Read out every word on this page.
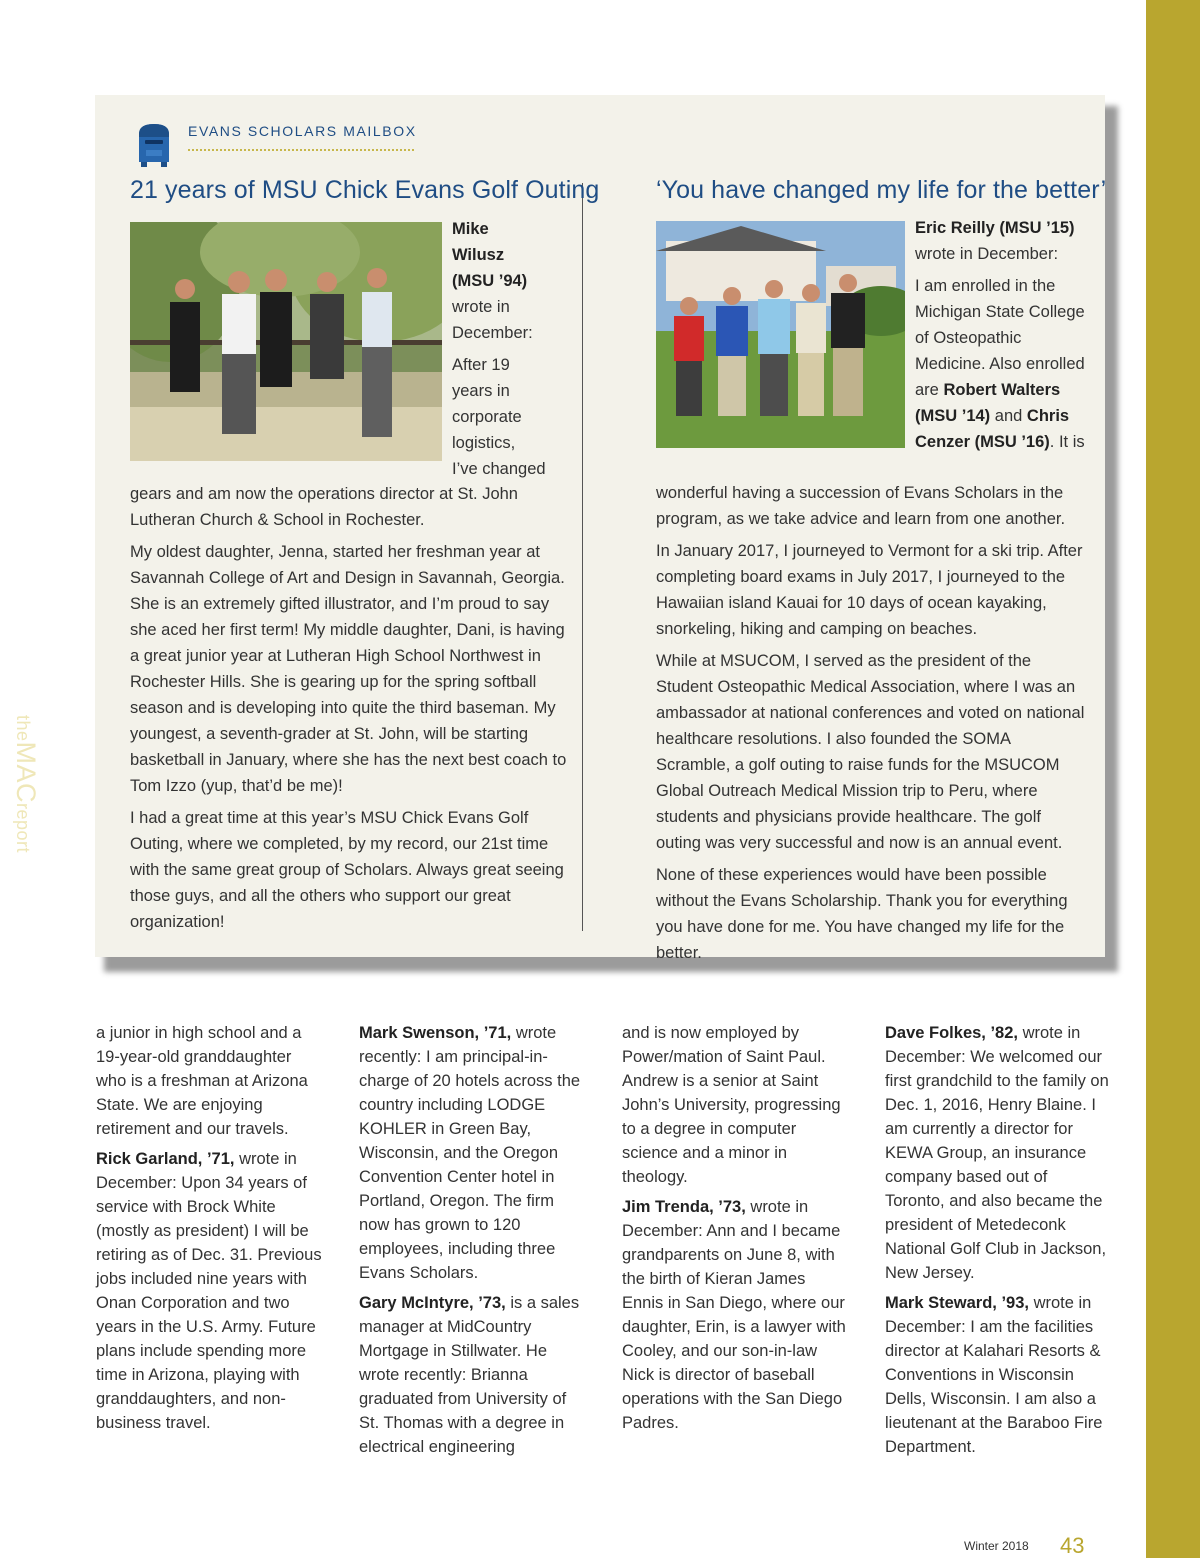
theMACreport
EVANS SCHOLARS MAILBOX
21 years of MSU Chick Evans Golf Outing
Mike
Wilusz
(MSU ’94)
wrote in
December:
After 19
years in
corporate
logistics,
I’ve changed

gears and am now the operations director at St. John Lutheran Church & School in Rochester.

My oldest daughter, Jenna, started her freshman year at Savannah College of Art and Design in Savannah, Georgia. She is an extremely gifted illustrator, and I’m proud to say she aced her first term! My middle daughter, Dani, is having a great junior year at Lutheran High School Northwest in Rochester Hills. She is gearing up for the spring softball season and is developing into quite the third baseman. My youngest, a seventh-grader at St. John, will be starting basketball in January, where she has the next best coach to Tom Izzo (yup, that’d be me)!

I had a great time at this year’s MSU Chick Evans Golf Outing, where we completed, by my record, our 21st time with the same great group of Scholars. Always great seeing those guys, and all the others who support our great organization!

‘You have changed my life for the better’
Eric Reilly (MSU ’15)
wrote in December:
I am enrolled in the Michigan State College of Osteopathic Medicine. Also enrolled are Robert Walters (MSU ’14) and Chris Cenzer (MSU ’16). It is

wonderful having a succession of Evans Scholars in the program, as we take advice and learn from one another.

In January 2017, I journeyed to Vermont for a ski trip. After completing board exams in July 2017, I journeyed to the Hawaiian island Kauai for 10 days of ocean kayaking, snorkeling, hiking and camping on beaches.

While at MSUCOM, I served as the president of the Student Osteopathic Medical Association, where I was an ambassador at national conferences and voted on national healthcare resolutions. I also founded the SOMA Scramble, a golf outing to raise funds for the MSUCOM Global Outreach Medical Mission trip to Peru, where students and physicians provide healthcare. The golf outing was very successful and now is an annual event.

None of these experiences would have been possible without the Evans Scholarship. Thank you for everything you have done for me. You have changed my life for the better.

a junior in high school and a 19-year-old granddaughter who is a freshman at Arizona State. We are enjoying retirement and our travels.

Rick Garland, ’71, wrote in December: Upon 34 years of service with Brock White (mostly as president) I will be retiring as of Dec. 31. Previous jobs included nine years with Onan Corporation and two years in the U.S. Army. Future plans include spending more time in Arizona, playing with granddaughters, and non-business travel.

Mark Swenson, ’71, wrote recently: I am principal-in-charge of 20 hotels across the country including LODGE KOHLER in Green Bay, Wisconsin, and the Oregon Convention Center hotel in Portland, Oregon. The firm now has grown to 120 employees, including three Evans Scholars.

Gary McIntyre, ’73, is a sales manager at MidCountry Mortgage in Stillwater. He wrote recently: Brianna graduated from University of St. Thomas with a degree in electrical engineering

and is now employed by Power/mation of Saint Paul. Andrew is a senior at Saint John’s University, progressing to a degree in computer science and a minor in theology.

Jim Trenda, ’73, wrote in December: Ann and I became grandparents on June 8, with the birth of Kieran James Ennis in San Diego, where our daughter, Erin, is a lawyer with Cooley, and our son-in-law Nick is director of baseball operations with the San Diego Padres.

Dave Folkes, ’82, wrote in December: We welcomed our first grandchild to the family on Dec. 1, 2016, Henry Blaine. I am currently a director for KEWA Group, an insurance company based out of Toronto, and also became the president of Metedeconk National Golf Club in Jackson, New Jersey.

Mark Steward, ’93, wrote in December: I am the facilities director at Kalahari Resorts & Conventions in Wisconsin Dells, Wisconsin. I am also a lieutenant at the Baraboo Fire Department.

Winter 2018 43
